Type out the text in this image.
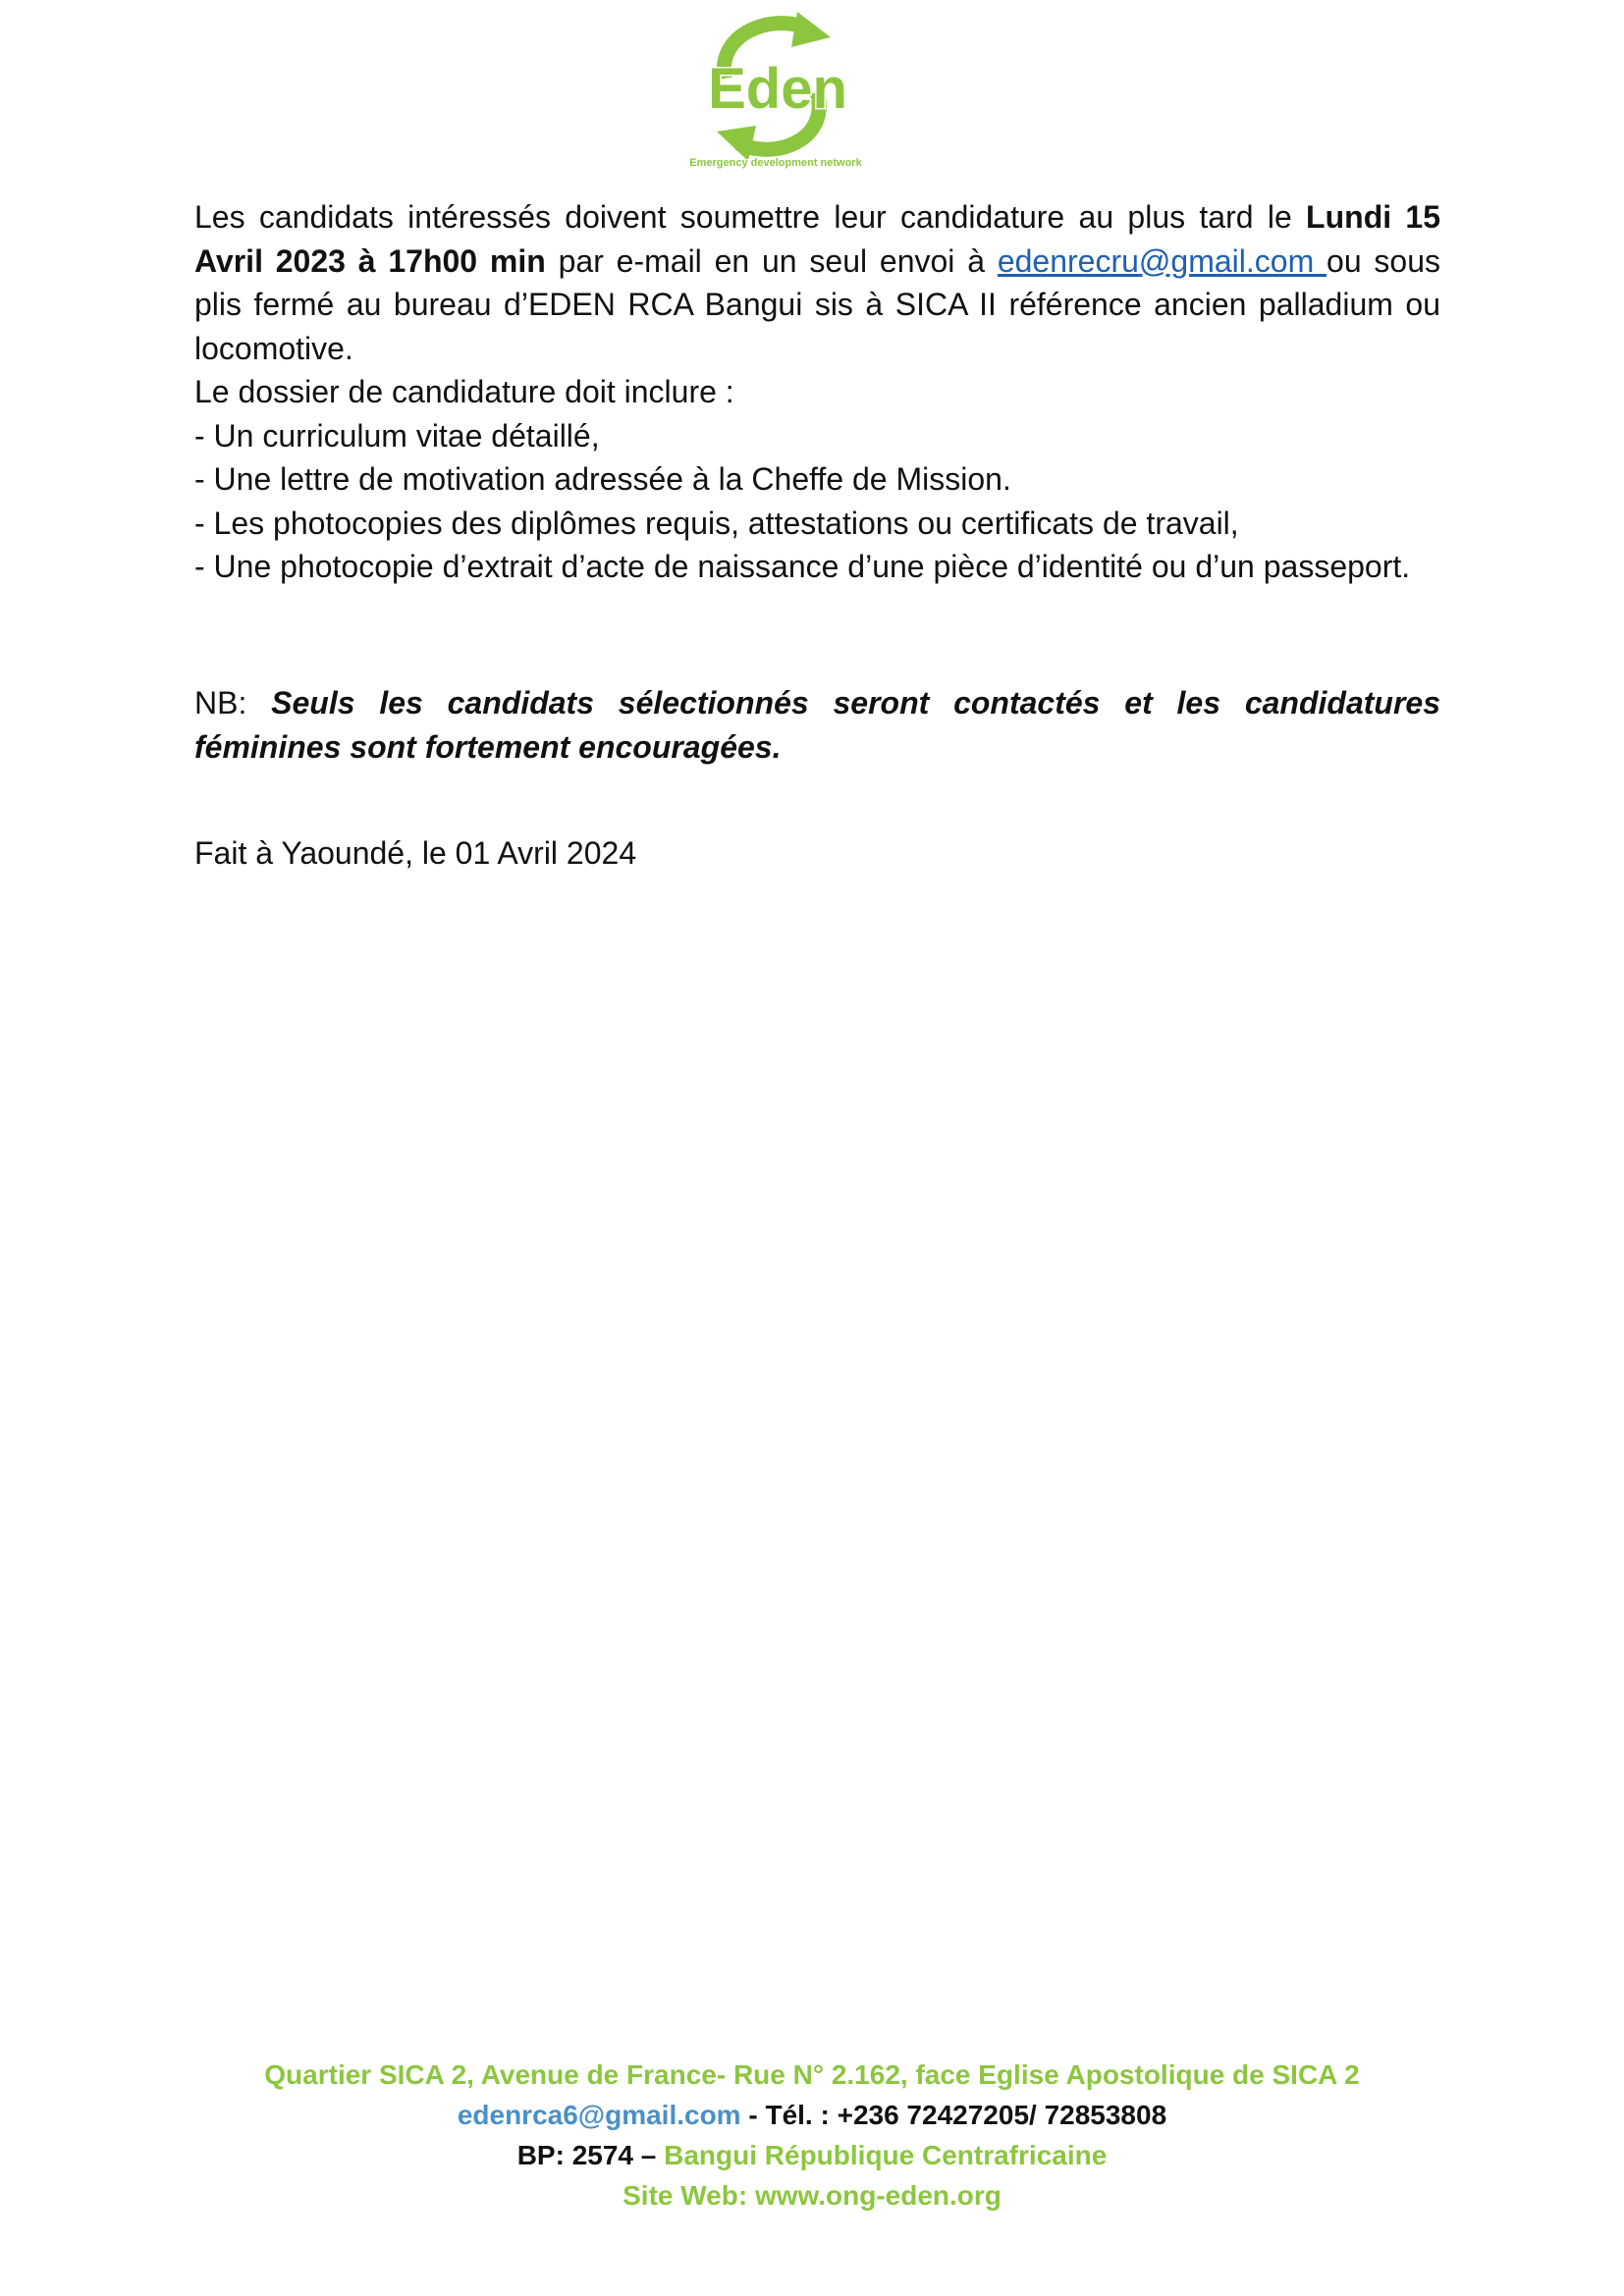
Eden
Emergency development network
Les candidats intéressés doivent soumettre leur candidature au plus tard le Lundi 15 Avril 2023 à 17h00 min par e-mail en un seul envoi à edenrecru@gmail.com ou sous plis fermé au bureau d’EDEN RCA Bangui sis à SICA II référence ancien palladium ou locomotive.
Le dossier de candidature doit inclure :
- Un curriculum vitae détaillé,
- Une lettre de motivation adressée à la Cheffe de Mission.
- Les photocopies des diplômes requis, attestations ou certificats de travail,
- Une photocopie d’extrait d’acte de naissance d’une pièce d’identité ou d’un passeport.
NB: Seuls les candidats sélectionnés seront contactés et les candidatures féminines sont fortement encouragées.
Fait à Yaoundé, le 01 Avril 2024
Quartier SICA 2, Avenue de France- Rue N° 2.162, face Eglise Apostolique de SICA 2
edenrca6@gmail.com - Tél. : +236 72427205/ 72853808
BP: 2574 – Bangui République Centrafricaine
Site Web: www.ong-eden.org
